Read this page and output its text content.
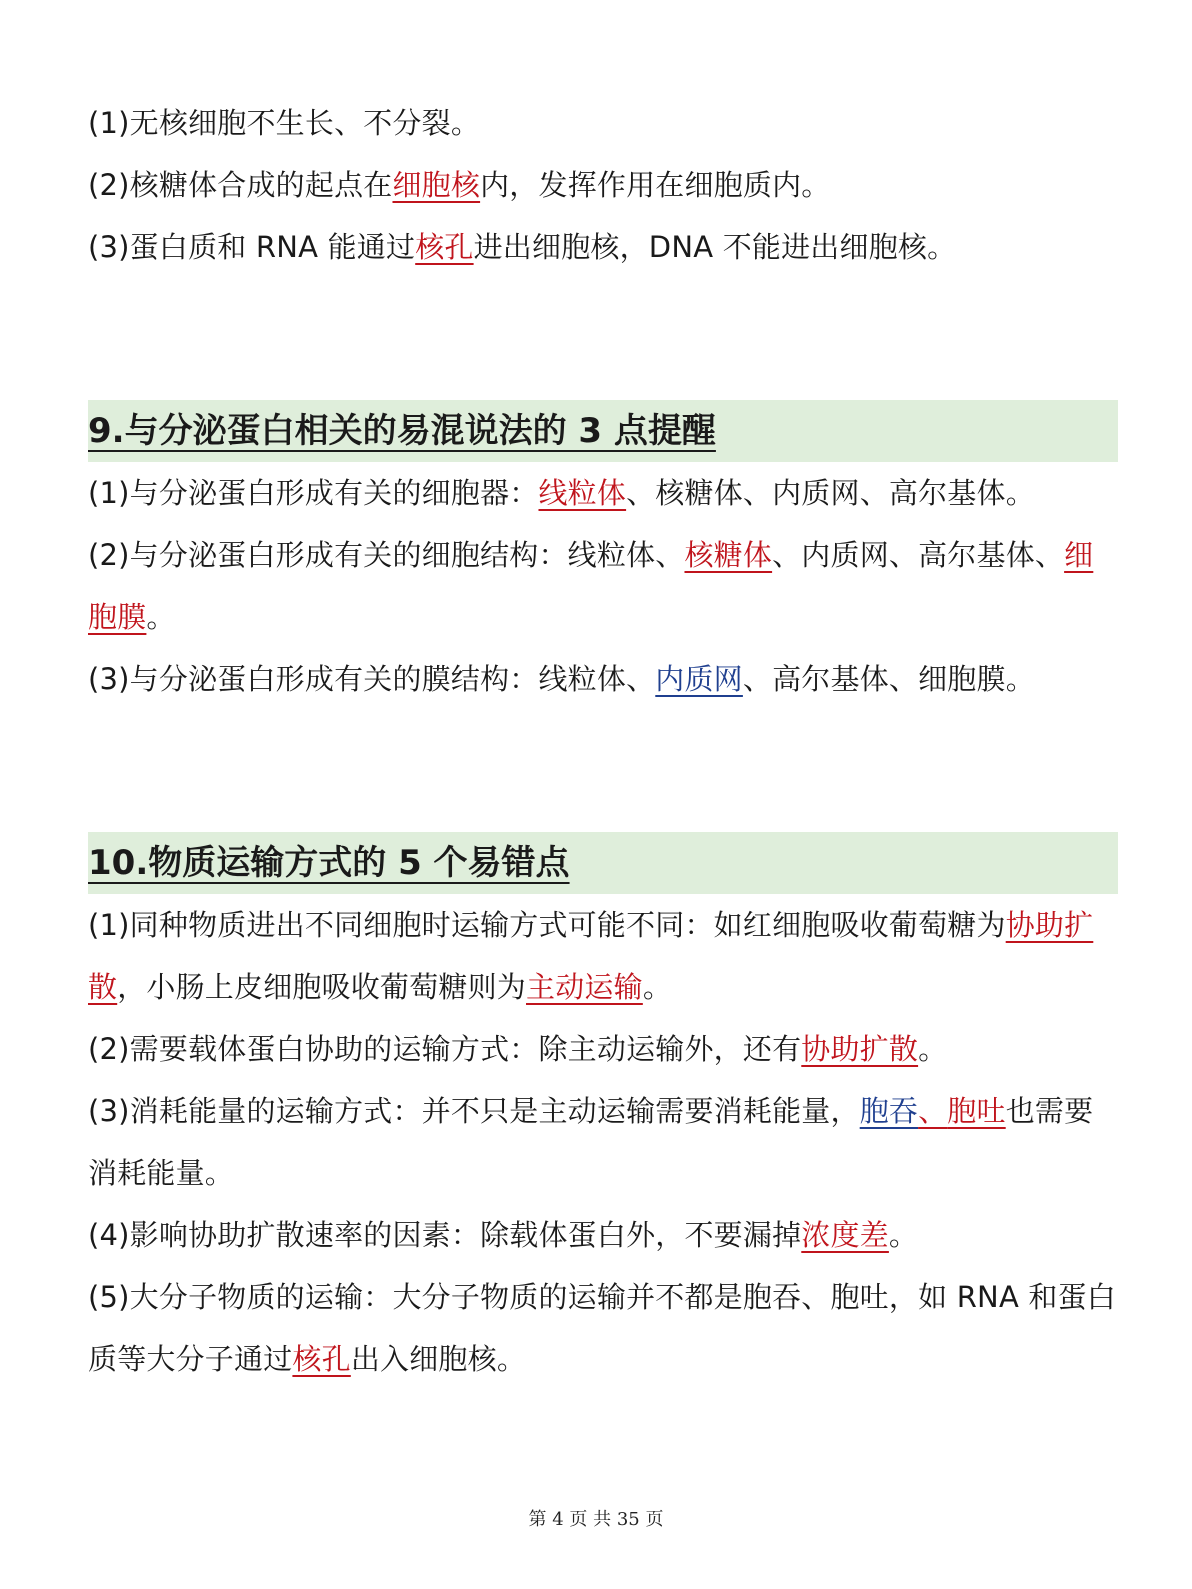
(1)无核细胞不生长、不分裂。

(2)核糖体合成的起点在细胞核内，发挥作用在细胞质内。

(3)蛋白质和 RNA 能通过核孔进出细胞核，DNA 不能进出细胞核。

9.与分泌蛋白相关的易混说法的 3 点提醒

(1)与分泌蛋白形成有关的细胞器：线粒体、核糖体、内质网、高尔基体。

(2)与分泌蛋白形成有关的细胞结构：线粒体、核糖体、内质网、高尔基体、细胞膜。

(3)与分泌蛋白形成有关的膜结构：线粒体、内质网、高尔基体、细胞膜。

10.物质运输方式的 5 个易错点

(1)同种物质进出不同细胞时运输方式可能不同：如红细胞吸收葡萄糖为协助扩散，小肠上皮细胞吸收葡萄糖则为主动运输。

(2)需要载体蛋白协助的运输方式：除主动运输外，还有协助扩散。

(3)消耗能量的运输方式：并不只是主动运输需要消耗能量，胞吞、胞吐也需要消耗能量。

(4)影响协助扩散速率的因素：除载体蛋白外，不要漏掉浓度差。

(5)大分子物质的运输：大分子物质的运输并不都是胞吞、胞吐，如 RNA 和蛋白质等大分子通过核孔出入细胞核。

第 4 页 共 35 页
